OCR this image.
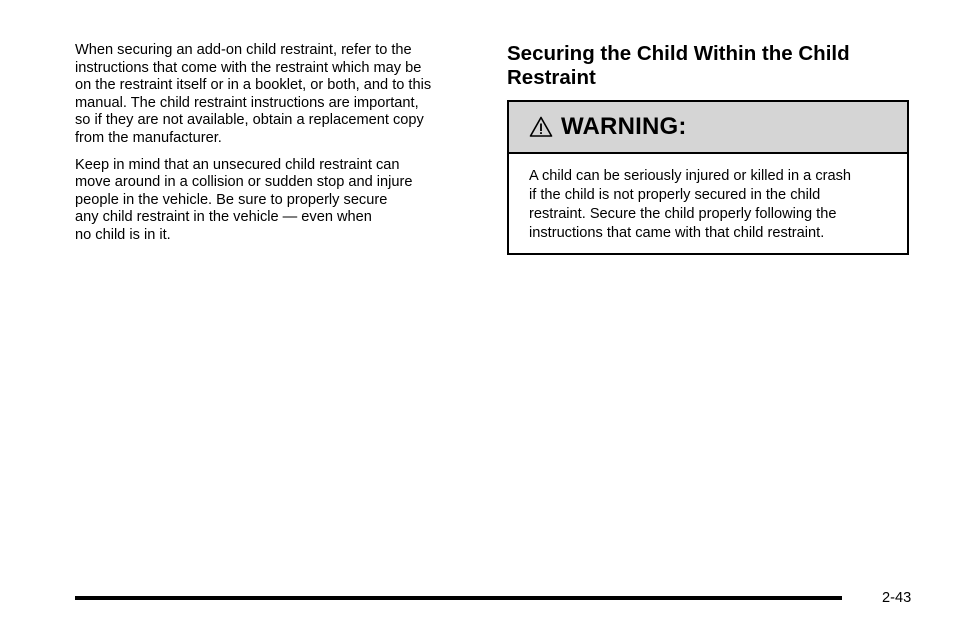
When securing an add-on child restraint, refer to the
instructions that come with the restraint which may be
on the restraint itself or in a booklet, or both, and to this
manual. The child restraint instructions are important,
so if they are not available, obtain a replacement copy
from the manufacturer.

Keep in mind that an unsecured child restraint can
move around in a collision or sudden stop and injure
people in the vehicle. Be sure to properly secure
any child restraint in the vehicle — even when
no child is in it.

Securing the Child Within the Child
Restraint
WARNING:
A child can be seriously injured or killed in a crash
if the child is not properly secured in the child
restraint. Secure the child properly following the
instructions that came with that child restraint.
2-43
